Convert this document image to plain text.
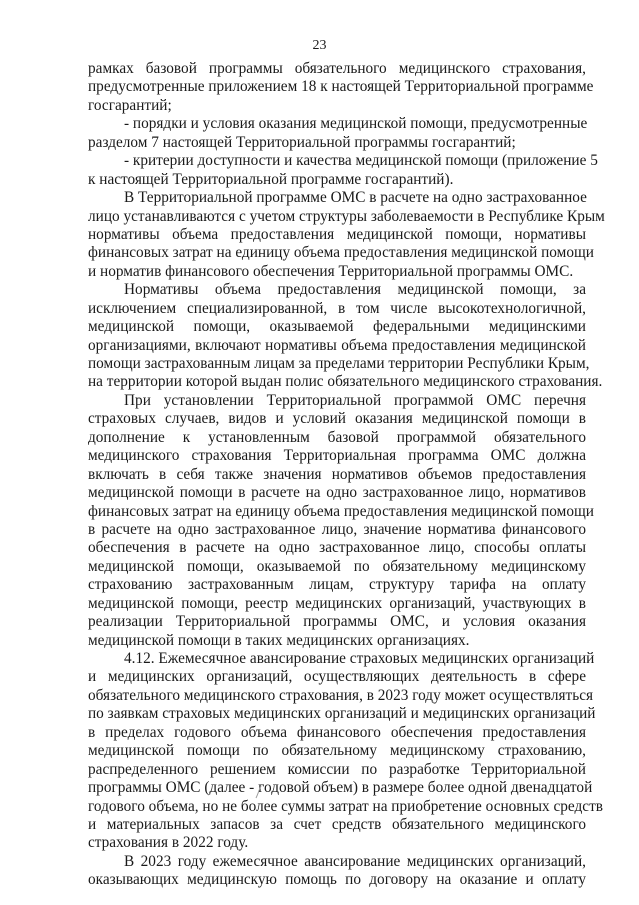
23
рамках базовой программы обязательного медицинского страхования,
предусмотренные приложением 18 к настоящей Территориальной программе
госгарантий;
- порядки и условия оказания медицинской помощи, предусмотренные
разделом 7 настоящей Территориальной программы госгарантий;
- критерии доступности и качества медицинской помощи (приложение 5
к настоящей Территориальной программе госгарантий).
В Территориальной программе ОМС в расчете на одно застрахованное
лицо устанавливаются с учетом структуры заболеваемости в Республике Крым
нормативы объема предоставления медицинской помощи, нормативы
финансовых затрат на единицу объема предоставления медицинской помощи
и норматив финансового обеспечения Территориальной программы ОМС.
Нормативы объема предоставления медицинской помощи, за
исключением специализированной, в том числе высокотехнологичной,
медицинской помощи, оказываемой федеральными медицинскими
организациями, включают нормативы объема предоставления медицинской
помощи застрахованным лицам за пределами территории Республики Крым,
на территории которой выдан полис обязательного медицинского страхования.
При установлении Территориальной программой ОМС перечня
страховых случаев, видов и условий оказания медицинской помощи в
дополнение к установленным базовой программой обязательного
медицинского страхования Территориальная программа ОМС должна
включать в себя также значения нормативов объемов предоставления
медицинской помощи в расчете на одно застрахованное лицо, нормативов
финансовых затрат на единицу объема предоставления медицинской помощи
в расчете на одно застрахованное лицо, значение норматива финансового
обеспечения в расчете на одно застрахованное лицо, способы оплаты
медицинской помощи, оказываемой по обязательному медицинскому
страхованию застрахованным лицам, структуру тарифа на оплату
медицинской помощи, реестр медицинских организаций, участвующих в
реализации Территориальной программы ОМС, и условия оказания
медицинской помощи в таких медицинских организациях.
4.12. Ежемесячное авансирование страховых медицинских организаций
и медицинских организаций, осуществляющих деятельность в сфере
обязательного медицинского страхования, в 2023 году может осуществляться
по заявкам страховых медицинских организаций и медицинских организаций
в пределах годового объема финансового обеспечения предоставления
медицинской помощи по обязательному медицинскому страхованию,
распределенного решением комиссии по разработке Территориальной
программы ОМС (далее - годовой объем) в размере более одной двенадцатой
годового объема, но не более суммы затрат на приобретение основных средств
и материальных запасов за счет средств обязательного медицинского
страхования в 2022 году.
В 2023 году ежемесячное авансирование медицинских организаций,
оказывающих медицинскую помощь по договору на оказание и оплату
